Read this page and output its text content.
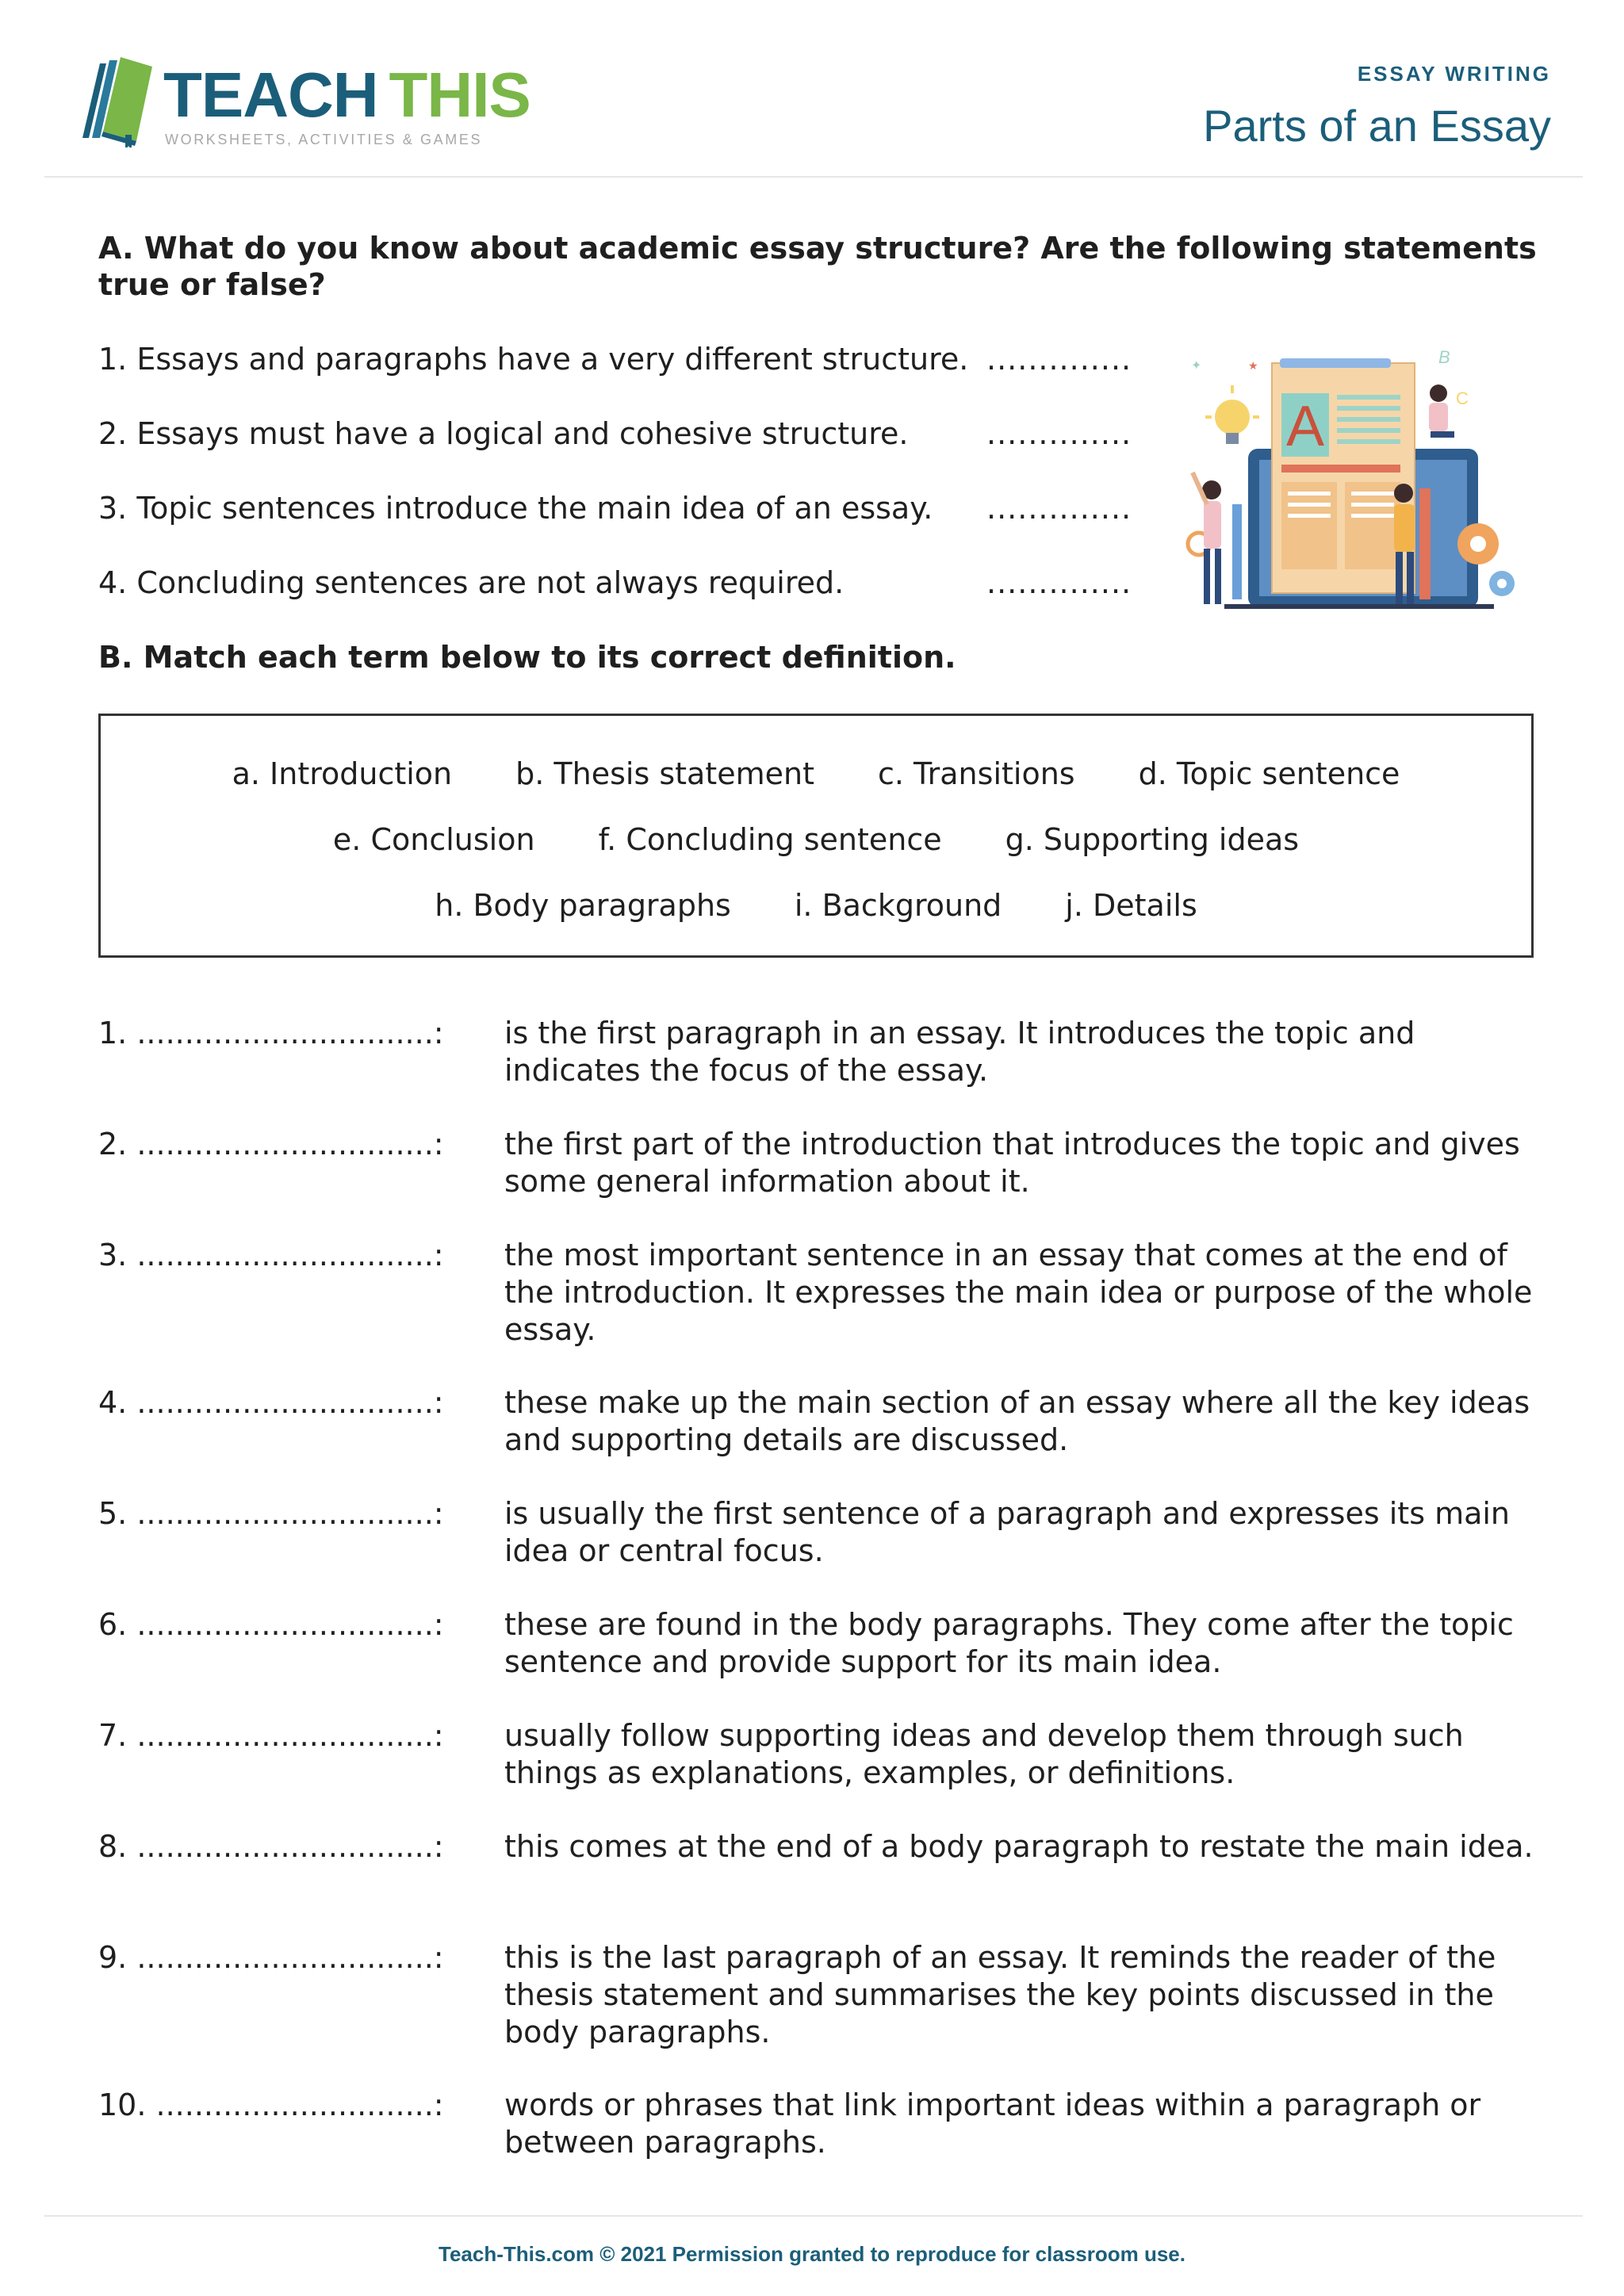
TEACH THIS
WORKSHEETS, ACTIVITIES & GAMES
ESSAY WRITING
Parts of an Essay
A. What do you know about academic essay structure? Are the following statements true or false?
1. Essays and paragraphs have a very different structure. ..............
2. Essays must have a logical and cohesive structure.	..............
3. Topic sentences introduce the main idea of an essay. ..............
4. Concluding sentences are not always required.	..............
A
B
C
✦	★
B. Match each term below to its correct definition.
a. Introduction b. Thesis statement c. Transitions d. Topic sentence
e. Conclusion f. Concluding sentence g. Supporting ideas
h. Body paragraphs i. Background j. Details
1. ...............................: is the first paragraph in an essay. It introduces the topic and indicates the focus of the essay.
2. ...............................: the first part of the introduction that introduces the topic and gives some general information about it.
3. ...............................: the most important sentence in an essay that comes at the end of the introduction. It expresses the main idea or purpose of the whole essay.
4. ...............................: these make up the main section of an essay where all the key ideas and supporting details are discussed.
5. ...............................: is usually the first sentence of a paragraph and expresses its main idea or central focus.
6. ...............................: these are found in the body paragraphs. They come after the topic sentence and provide support for its main idea.
7. ...............................: usually follow supporting ideas and develop them through such things as explanations, examples, or definitions.
8. ...............................: this comes at the end of a body paragraph to restate the main idea.
9. ...............................: this is the last paragraph of an essay. It reminds the reader of the thesis statement and summarises the key points discussed in the body paragraphs.
10. .............................: words or phrases that link important ideas within a paragraph or between paragraphs.
Teach-This.com © 2021 Permission granted to reproduce for classroom use.
